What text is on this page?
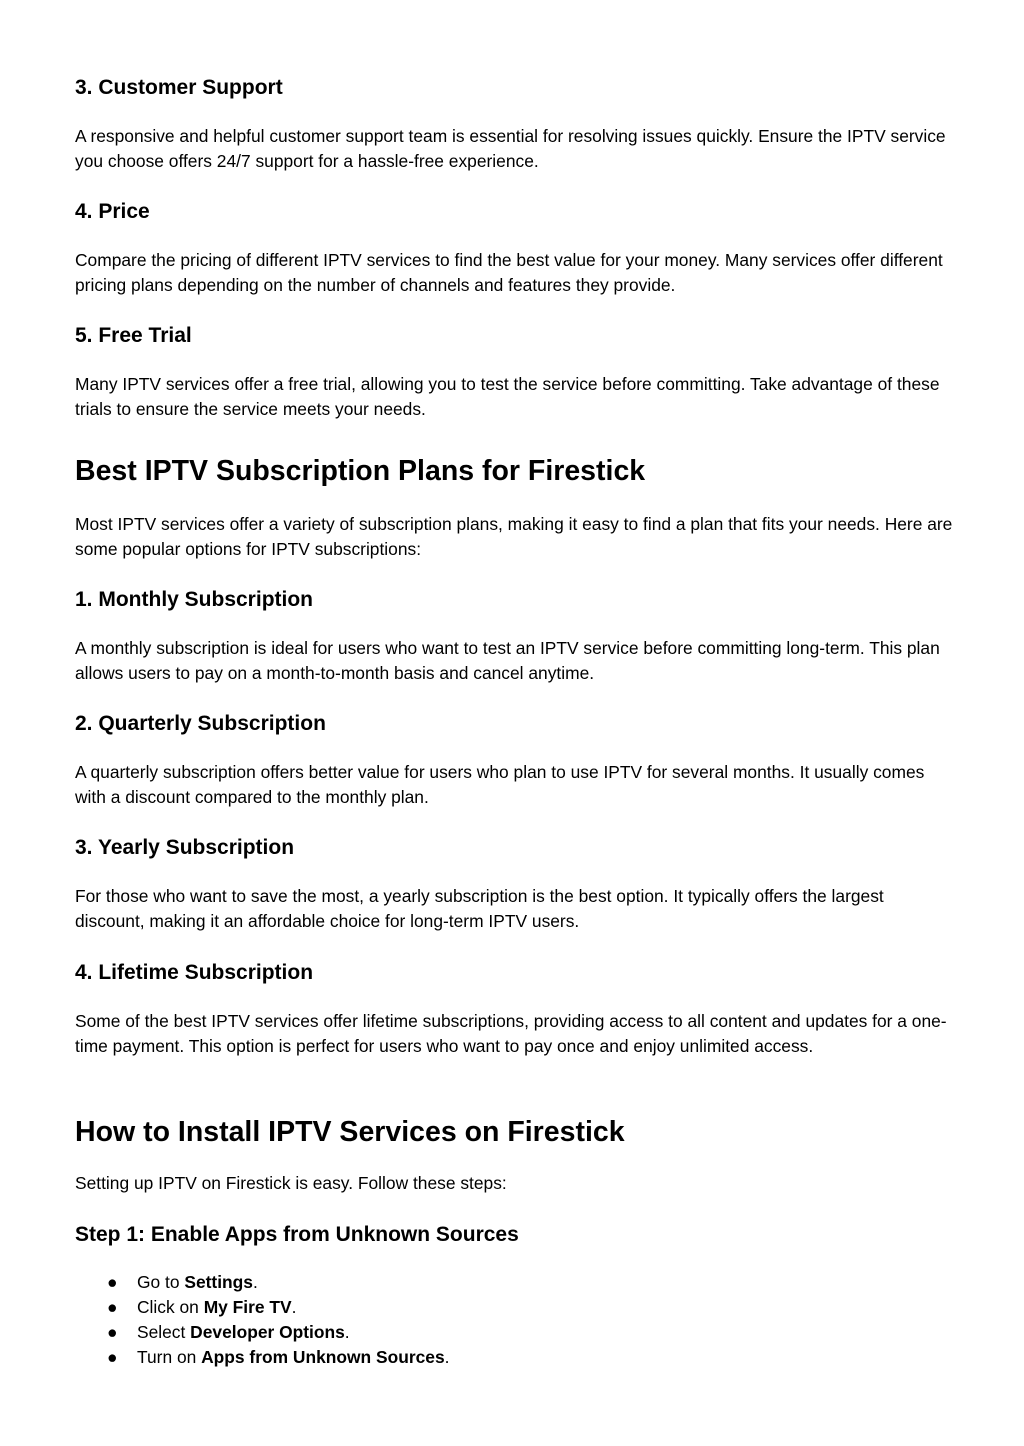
3. Customer Support

A responsive and helpful customer support team is essential for resolving issues quickly. Ensure the IPTV service you choose offers 24/7 support for a hassle-free experience.

4. Price

Compare the pricing of different IPTV services to find the best value for your money. Many services offer different pricing plans depending on the number of channels and features they provide.

5. Free Trial

Many IPTV services offer a free trial, allowing you to test the service before committing. Take advantage of these trials to ensure the service meets your needs.

Best IPTV Subscription Plans for Firestick

Most IPTV services offer a variety of subscription plans, making it easy to find a plan that fits your needs. Here are some popular options for IPTV subscriptions:

1. Monthly Subscription

A monthly subscription is ideal for users who want to test an IPTV service before committing long-term. This plan allows users to pay on a month-to-month basis and cancel anytime.

2. Quarterly Subscription

A quarterly subscription offers better value for users who plan to use IPTV for several months. It usually comes with a discount compared to the monthly plan.

3. Yearly Subscription

For those who want to save the most, a yearly subscription is the best option. It typically offers the largest discount, making it an affordable choice for long-term IPTV users.

4. Lifetime Subscription

Some of the best IPTV services offer lifetime subscriptions, providing access to all content and updates for a one-time payment. This option is perfect for users who want to pay once and enjoy unlimited access.

How to Install IPTV Services on Firestick

Setting up IPTV on Firestick is easy. Follow these steps:

Step 1: Enable Apps from Unknown Sources
● Go to Settings.
● Click on My Fire TV.
● Select Developer Options.
● Turn on Apps from Unknown Sources.
